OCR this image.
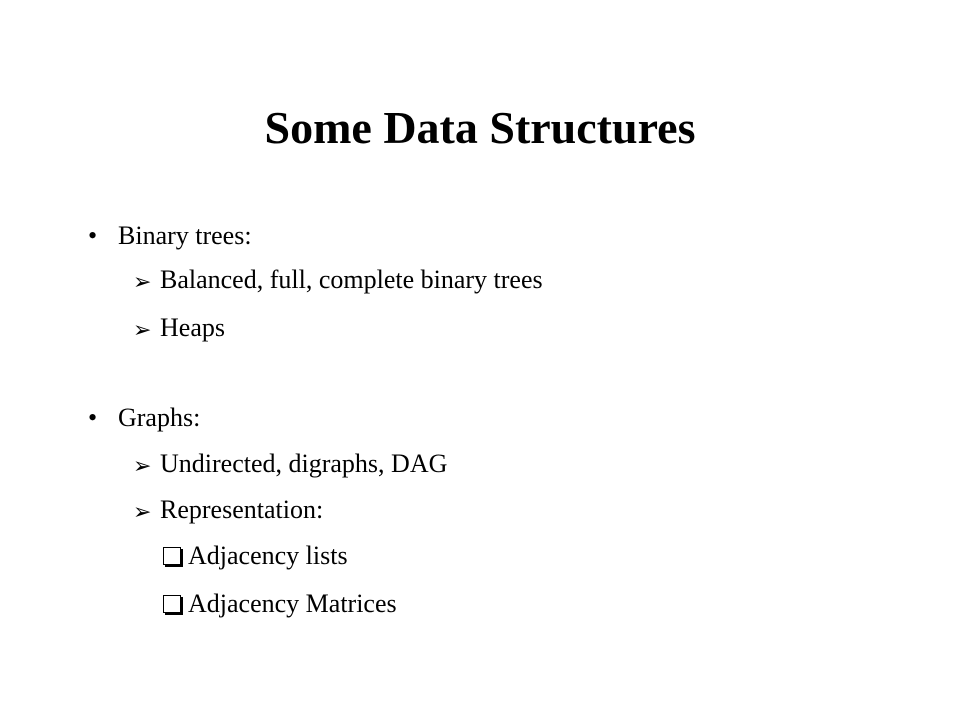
Some Data Structures
• Binary trees:
➢ Balanced, full, complete binary trees
➢ Heaps
• Graphs:
➢ Undirected, digraphs, DAG
➢ Representation:
Adjacency lists
Adjacency Matrices
